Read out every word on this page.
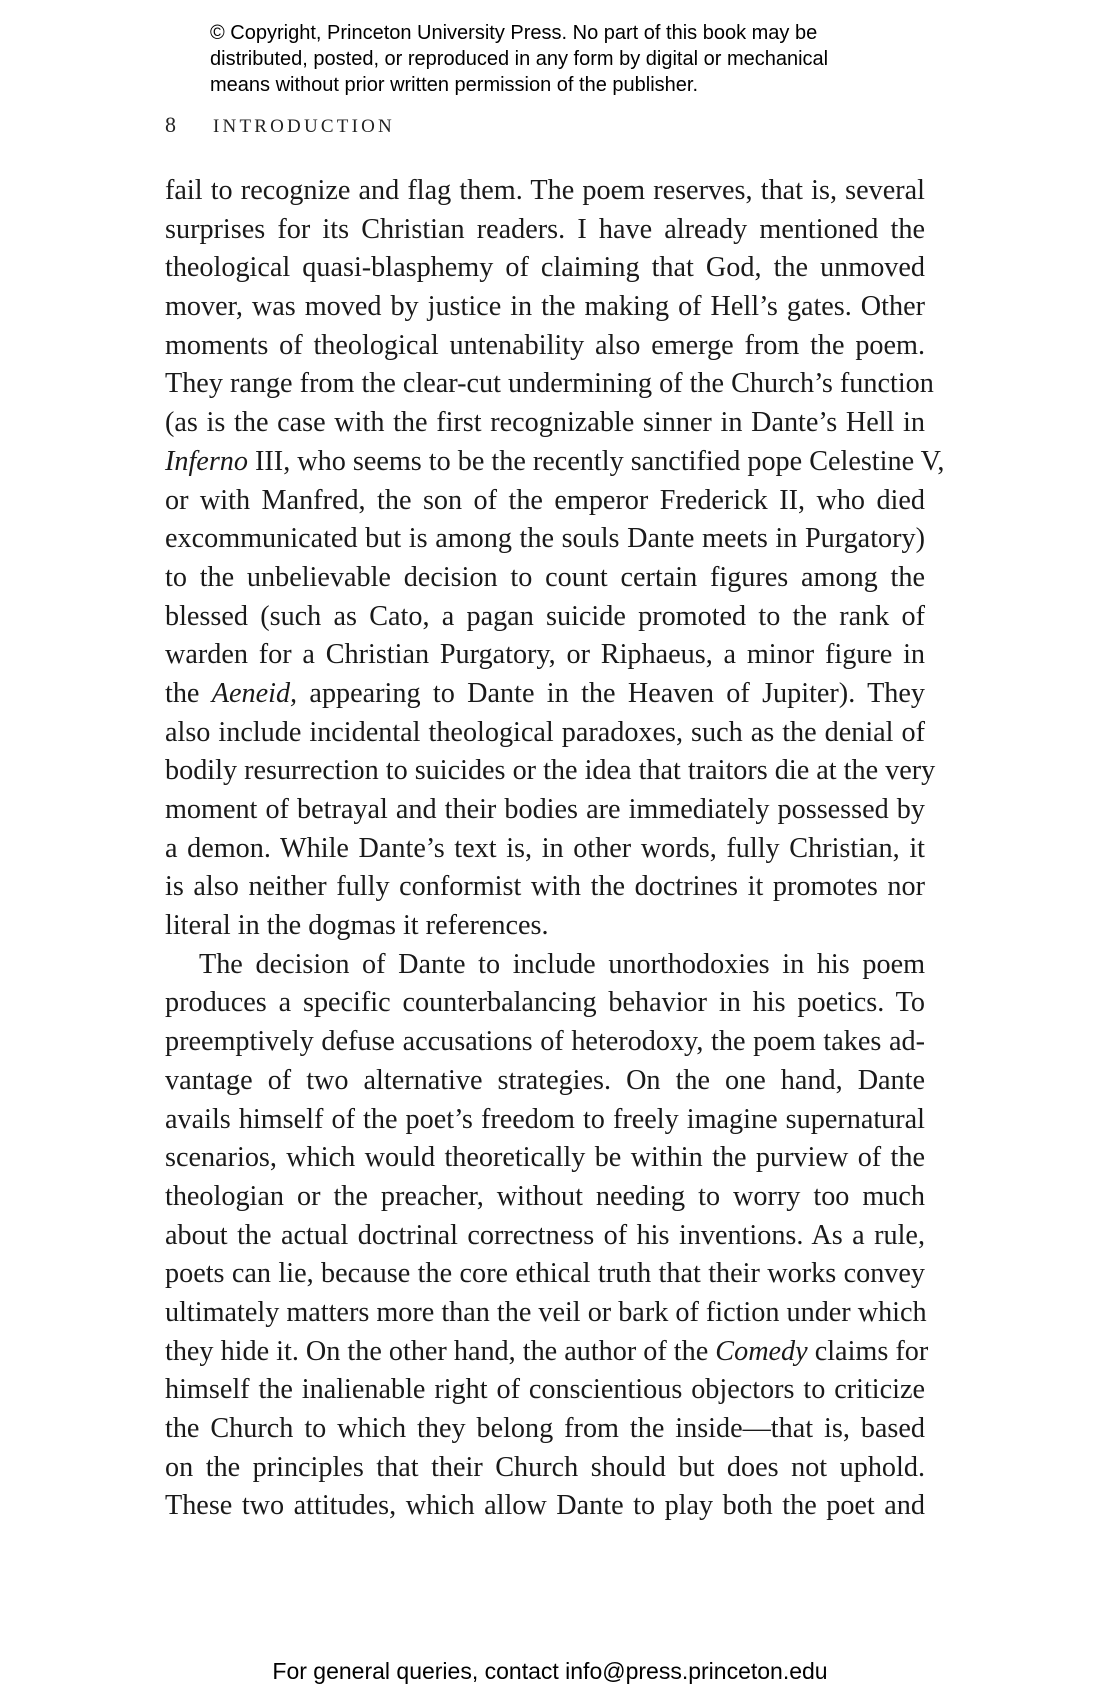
© Copyright, Princeton University Press. No part of this book may be
distributed, posted, or reproduced in any form by digital or mechanical
means without prior written permission of the publisher.
8 INTRODUCTION
fail to recognize and flag them. The poem reserves, that is, several
surprises for its Christian readers. I have already mentioned the
theological quasi-blasphemy of claiming that God, the unmoved
mover, was moved by justice in the making of Hell’s gates. Other
moments of theological untenability also emerge from the poem.
They range from the clear-cut undermining of the Church’s function
(as is the case with the first recognizable sinner in Dante’s Hell in
Inferno III, who seems to be the recently sanctified pope Celestine V,
or with Manfred, the son of the emperor Frederick II, who died
excommunicated but is among the souls Dante meets in Purgatory)
to the unbelievable decision to count certain figures among the
blessed (such as Cato, a pagan suicide promoted to the rank of
warden for a Christian Purgatory, or Riphaeus, a minor figure in
the Aeneid, appearing to Dante in the Heaven of Jupiter). They
also include incidental theological paradoxes, such as the denial of
bodily resurrection to suicides or the idea that traitors die at the very
moment of betrayal and their bodies are immediately possessed by
a demon. While Dante’s text is, in other words, fully Christian, it
is also neither fully conformist with the doctrines it promotes nor
literal in the dogmas it references.
The decision of Dante to include unorthodoxies in his poem
produces a specific counterbalancing behavior in his poetics. To
preemptively defuse accusations of heterodoxy, the poem takes ad-
vantage of two alternative strategies. On the one hand, Dante
avails himself of the poet’s freedom to freely imagine supernatural
scenarios, which would theoretically be within the purview of the
theologian or the preacher, without needing to worry too much
about the actual doctrinal correctness of his inventions. As a rule,
poets can lie, because the core ethical truth that their works convey
ultimately matters more than the veil or bark of fiction under which
they hide it. On the other hand, the author of the Comedy claims for
himself the inalienable right of conscientious objectors to criticize
the Church to which they belong from the inside—that is, based
on the principles that their Church should but does not uphold.
These two attitudes, which allow Dante to play both the poet and
For general queries, contact info@press.princeton.edu
